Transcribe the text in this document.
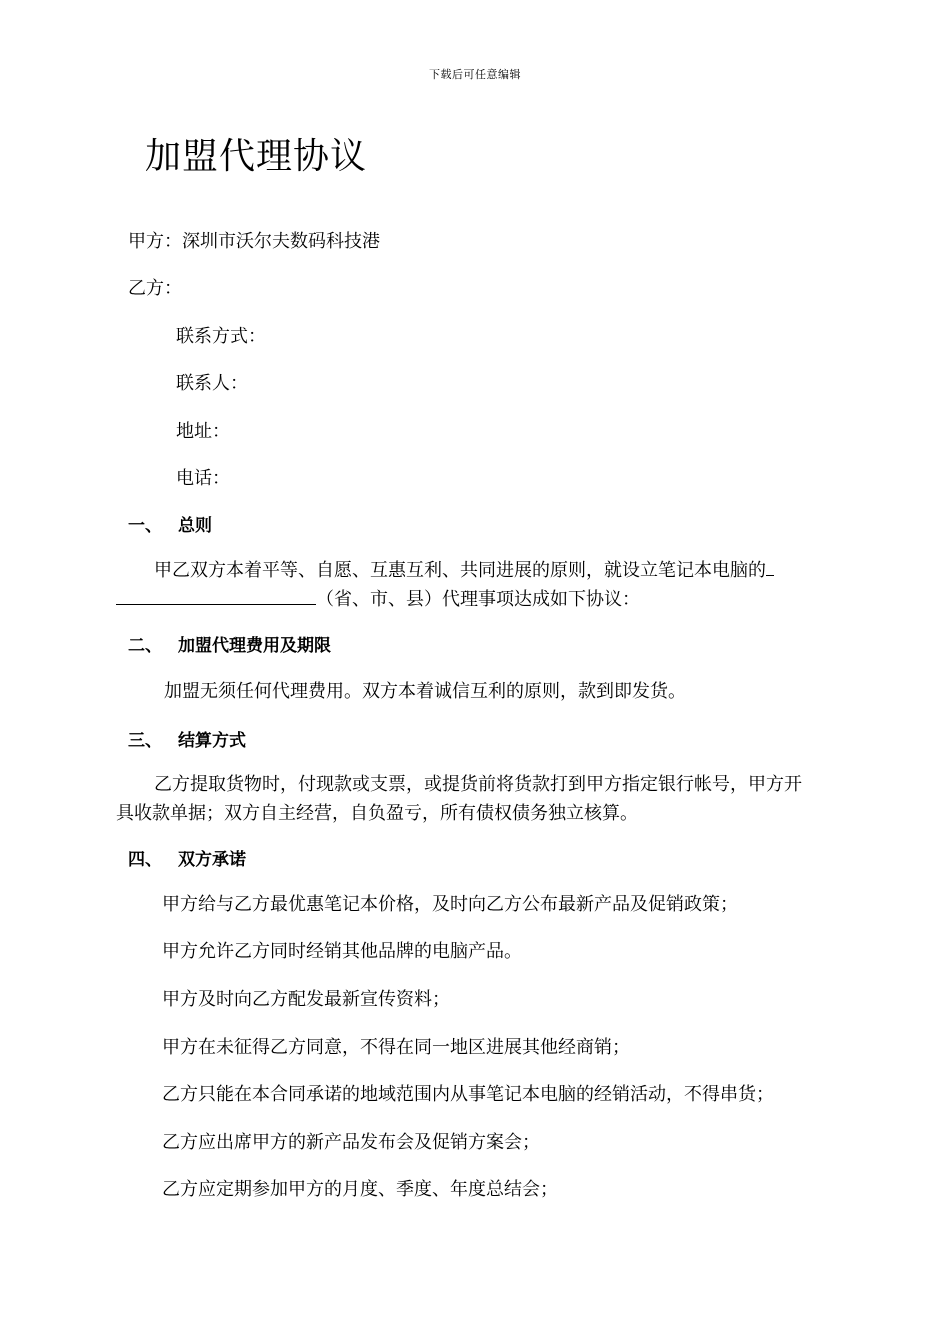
下载后可任意编辑
加盟代理协议
甲方：深圳市沃尔夫数码科技港
乙方：
联系方式：
联系人：
地址：
电话：
一、 总则
甲乙双方本着平等、自愿、互惠互利、共同进展的原则，就设立笔记本电脑的
（省、市、县）代理事项达成如下协议：
二、 加盟代理费用及期限
加盟无须任何代理费用。双方本着诚信互利的原则，款到即发货。
三、 结算方式
乙方提取货物时，付现款或支票，或提货前将货款打到甲方指定银行帐号，甲方开具收款单据；双方自主经营，自负盈亏，所有债权债务独立核算。
四、 双方承诺
甲方给与乙方最优惠笔记本价格，及时向乙方公布最新产品及促销政策；
甲方允许乙方同时经销其他品牌的电脑产品。
甲方及时向乙方配发最新宣传资料；
甲方在未征得乙方同意，不得在同一地区进展其他经商销；
乙方只能在本合同承诺的地域范围内从事笔记本电脑的经销活动，不得串货；
乙方应出席甲方的新产品发布会及促销方案会；
乙方应定期参加甲方的月度、季度、年度总结会；
